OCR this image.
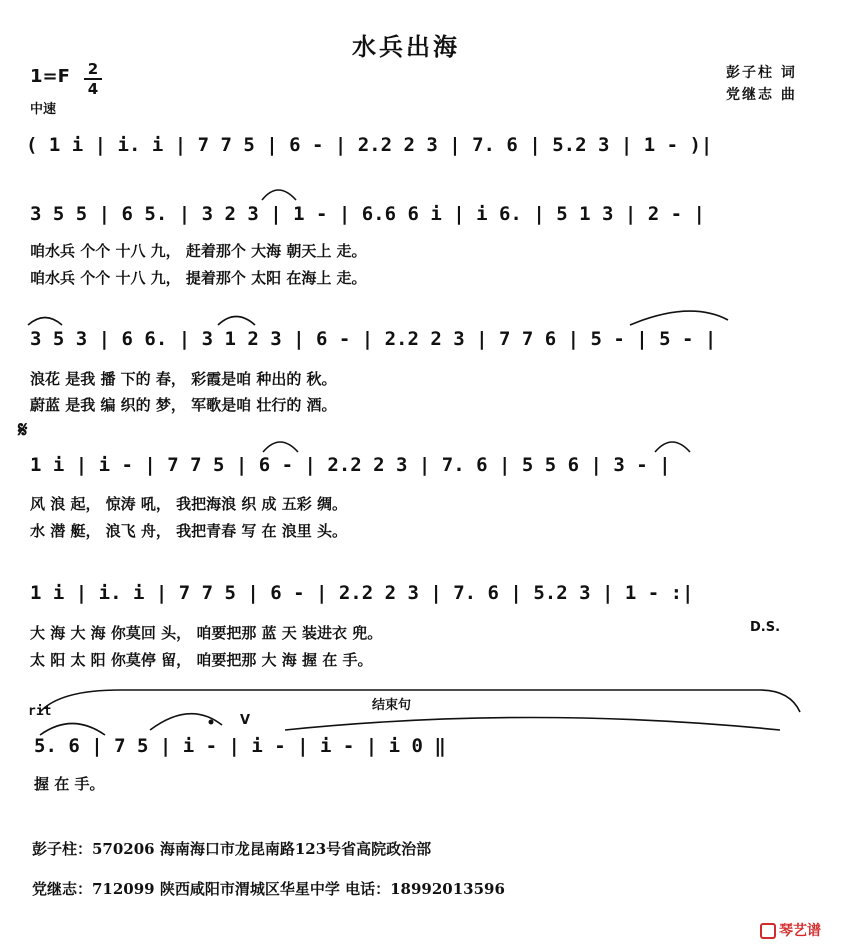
水兵出海
彭子柱 词
党继志 曲
1=F 2
4
中速
( 1 i | i. i | 7 7 5 | 6 - | 2.2 2 3 | 7. 6 | 5.2 3 | 1 - )|
3 5 5 | 6 5. | 3 2 3 | 1 - | 6.6 6 i | i 6. | 5 1 3 | 2 - |
咱水兵 个个 十八 九， 赶着那个 大海 朝天上 走。
咱水兵 个个 十八 九， 提着那个 太阳 在海上 走。
3 5 3 | 6 6. | 3 1 2 3 | 6 - | 2.2 2 3 | 7 7 6 | 5 - | 5 - |
浪花 是我 播 下的 春， 彩霞是咱 种出的 秋。
蔚蓝 是我 编 织的 梦， 军歌是咱 壮行的 酒。
𝄋
1 i | i - | 7 7 5 | 6 - | 2.2 2 3 | 7. 6 | 5 5 6 | 3 - |
风 浪 起， 惊涛 吼， 我把海浪 织 成 五彩 绸。
水 潜 艇， 浪飞 舟， 我把青春 写 在 浪里 头。
1 i | i. i | 7 7 5 | 6 - | 2.2 2 3 | 7. 6 | 5.2 3 | 1 - :|
大 海 大 海 你莫回 头， 咱要把那 蓝 天 装进衣 兜。	D.S.
太 阳 太 阳 你莫停 留， 咱要把那 大 海 握 在 手。
rit	结束句
V
5. 6 | 7 5 | i - | i - | i - | i 0 ‖
握 在 手。
彭子柱：570206 海南海口市龙昆南路123号省高院政治部
党继志：712099 陕西咸阳市渭城区华星中学 电话：18992013596
琴艺谱
